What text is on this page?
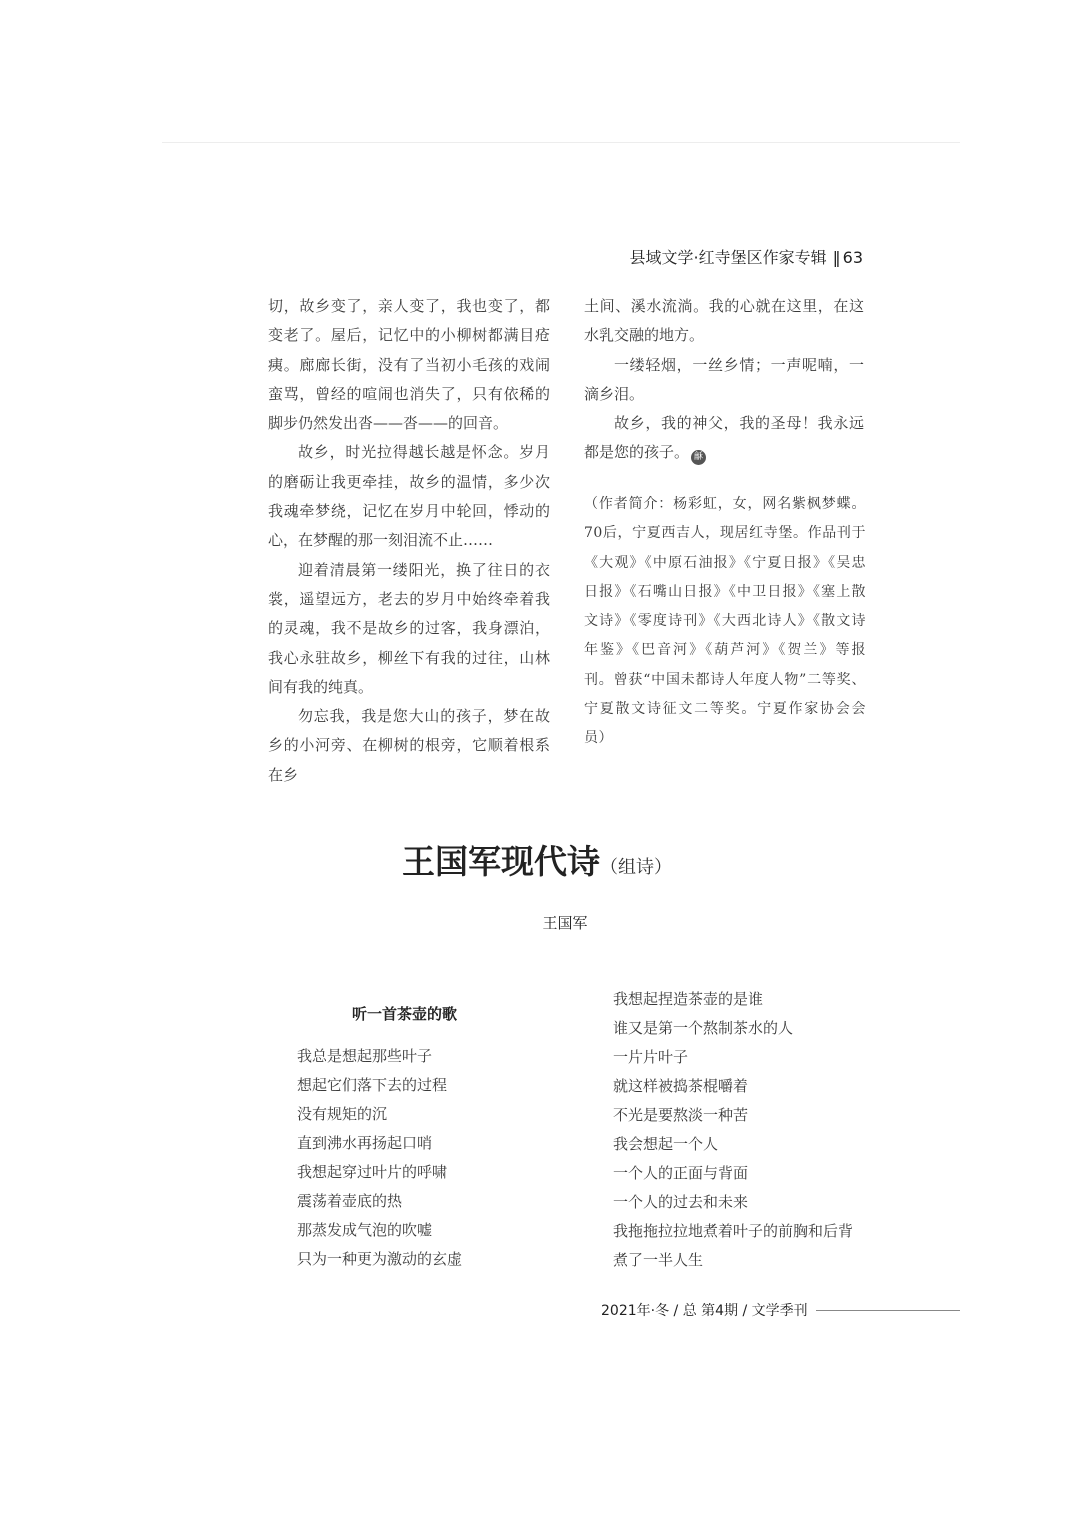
县域文学·红寺堡区作家专辑 ‖ 63

切，故乡变了，亲人变了，我也变了，都变老了。屋后，记忆中的小柳树都满目疮痍。廊廊长街，没有了当初小毛孩的戏闹蛮骂，曾经的喧闹也消失了，只有依稀的脚步仍然发出沓——沓——的回音。

故乡，时光拉得越长越是怀念。岁月的磨砺让我更牵挂，故乡的温情，多少次我魂牵梦绕，记忆在岁月中轮回，悸动的心，在梦醒的那一刻泪流不止……

迎着清晨第一缕阳光，换了往日的衣裳，遥望远方，老去的岁月中始终牵着我的灵魂，我不是故乡的过客，我身漂泊，我心永驻故乡，柳丝下有我的过往，山林间有我的纯真。

勿忘我，我是您大山的孩子，梦在故乡的小河旁、在柳树的根旁，它顺着根系在乡

土间、溪水流淌。我的心就在这里，在这水乳交融的地方。

一缕轻烟，一丝乡情；一声呢喃，一滴乡泪。

故乡，我的神父，我的圣母！我永远都是您的孩子。 龢

（作者简介：杨彩虹，女，网名紫枫梦蝶。70后，宁夏西吉人，现居红寺堡。作品刊于《大观》《中原石油报》《宁夏日报》《吴忠日报》《石嘴山日报》《中卫日报》《塞上散文诗》《零度诗刊》《大西北诗人》《散文诗年鉴》《巴音河》《葫芦河》《贺兰》等报刊。曾获“中国未都诗人年度人物”二等奖、宁夏散文诗征文二等奖。宁夏作家协会会员）
王国军现代诗（组诗）
王国军
听一首茶壶的歌
我总是想起那些叶子
想起它们落下去的过程
没有规矩的沉
直到沸水再扬起口哨
我想起穿过叶片的呼啸
震荡着壶底的热
那蒸发成气泡的吹嘘
只为一种更为激动的玄虚
我想起捏造茶壶的是谁
谁又是第一个熬制茶水的人
一片片叶子
就这样被捣茶棍嚼着
不光是要熬淡一种苦
我会想起一个人
一个人的正面与背面
一个人的过去和未来
我拖拖拉拉地煮着叶子的前胸和后背
煮了一半人生
2021年·冬 / 总 第4期 / 文学季刊
